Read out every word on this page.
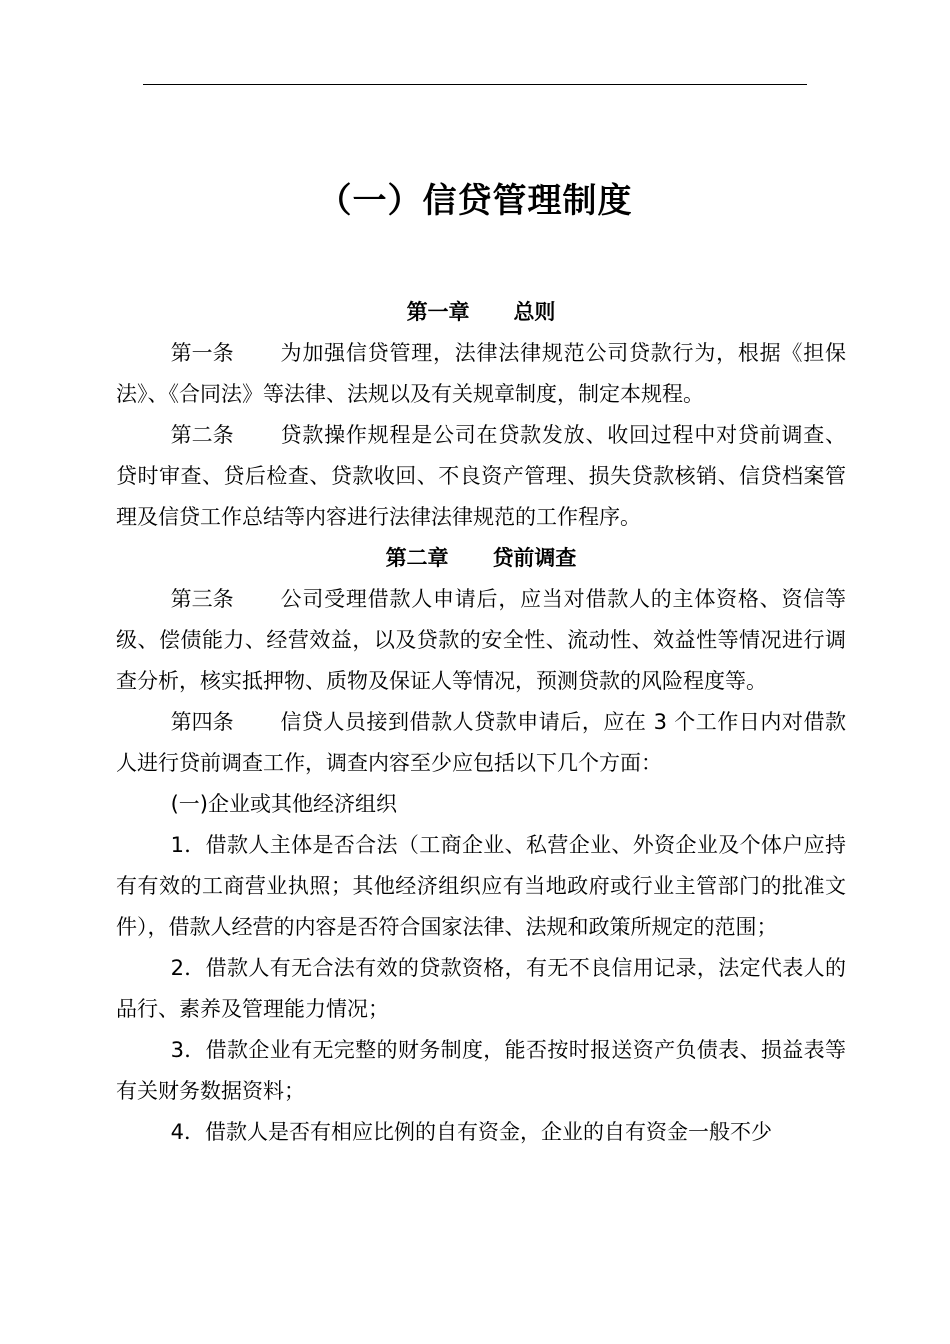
（一）信贷管理制度

第一章 总则

第一条 为加强信贷管理，法律法律规范公司贷款行为，根据《担保法》、《合同法》等法律、法规以及有关规章制度，制定本规程。

第二条 贷款操作规程是公司在贷款发放、收回过程中对贷前调查、贷时审查、贷后检查、贷款收回、不良资产管理、损失贷款核销、信贷档案管理及信贷工作总结等内容进行法律法律规范的工作程序。

第二章 贷前调查

第三条 公司受理借款人申请后，应当对借款人的主体资格、资信等级、偿债能力、经营效益，以及贷款的安全性、流动性、效益性等情况进行调查分析，核实抵押物、质物及保证人等情况，预测贷款的风险程度等。

第四条 信贷人员接到借款人贷款申请后，应在 3 个工作日内对借款人进行贷前调查工作，调查内容至少应包括以下几个方面：

(一)企业或其他经济组织

1．借款人主体是否合法（工商企业、私营企业、外资企业及个体户应持有有效的工商营业执照；其他经济组织应有当地政府或行业主管部门的批准文件），借款人经营的内容是否符合国家法律、法规和政策所规定的范围；

2．借款人有无合法有效的贷款资格，有无不良信用记录，法定代表人的品行、素养及管理能力情况；

3．借款企业有无完整的财务制度，能否按时报送资产负债表、损益表等有关财务数据资料；

4．借款人是否有相应比例的自有资金，企业的自有资金一般不少
